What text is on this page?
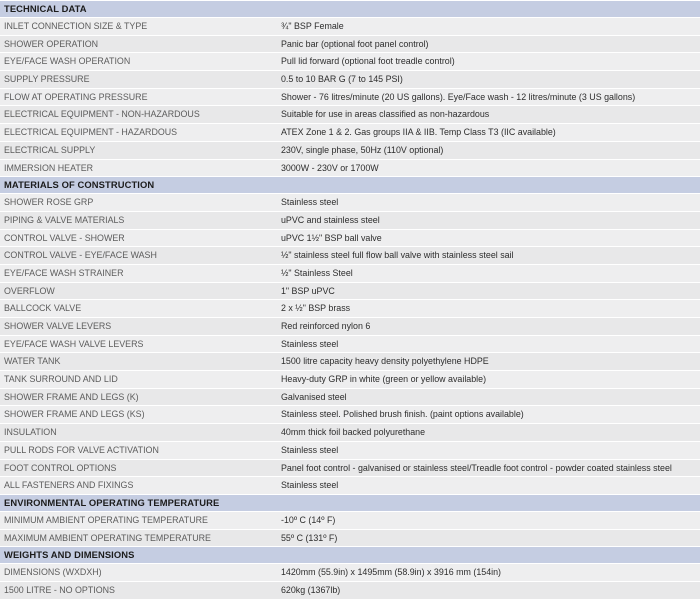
TECHNICAL DATA
INLET CONNECTION SIZE & TYPE	¾" BSP Female
SHOWER OPERATION	Panic bar (optional foot panel control)
EYE/FACE WASH OPERATION	Pull lid forward (optional foot treadle control)
SUPPLY PRESSURE	0.5 to 10 BAR G (7 to 145 PSI)
FLOW AT OPERATING PRESSURE	Shower - 76 litres/minute (20 US gallons). Eye/Face wash - 12 litres/minute (3 US gallons)
ELECTRICAL EQUIPMENT - NON-HAZARDOUS	Suitable for use in areas classified as non-hazardous
ELECTRICAL EQUIPMENT - HAZARDOUS	ATEX Zone 1 & 2. Gas groups IIA & IIB. Temp Class T3 (IIC available)
ELECTRICAL SUPPLY	230V, single phase, 50Hz (110V optional)
IMMERSION HEATER	3000W - 230V or 1700W
MATERIALS OF CONSTRUCTION
SHOWER ROSE GRP	Stainless steel
PIPING & VALVE MATERIALS	uPVC and stainless steel
CONTROL VALVE - SHOWER	uPVC 1½" BSP ball valve
CONTROL VALVE - EYE/FACE WASH	½" stainless steel full flow ball valve with stainless steel sail
EYE/FACE WASH STRAINER	½" Stainless Steel
OVERFLOW	1" BSP uPVC
BALLCOCK VALVE	2 x ½" BSP brass
SHOWER VALVE LEVERS	Red reinforced nylon 6
EYE/FACE WASH VALVE LEVERS	Stainless steel
WATER TANK	1500 litre capacity heavy density polyethylene HDPE
TANK SURROUND AND LID	Heavy-duty GRP in white (green or yellow available)
SHOWER FRAME AND LEGS (K)	Galvanised steel
SHOWER FRAME AND LEGS (KS)	Stainless steel. Polished brush finish. (paint options available)
INSULATION	40mm thick foil backed polyurethane
PULL RODS FOR VALVE ACTIVATION	Stainless steel
FOOT CONTROL OPTIONS	Panel foot control - galvanised or stainless steel/Treadle foot control - powder coated stainless steel
ALL FASTENERS AND FIXINGS	Stainless steel
ENVIRONMENTAL OPERATING TEMPERATURE
MINIMUM AMBIENT OPERATING TEMPERATURE	-10º C (14º F)
MAXIMUM AMBIENT OPERATING TEMPERATURE	55º C (131º F)
WEIGHTS AND DIMENSIONS
DIMENSIONS (WXDXH)	1420mm (55.9in) x 1495mm (58.9in) x 3916 mm (154in)
1500 LITRE - NO OPTIONS	620kg (1367lb)
